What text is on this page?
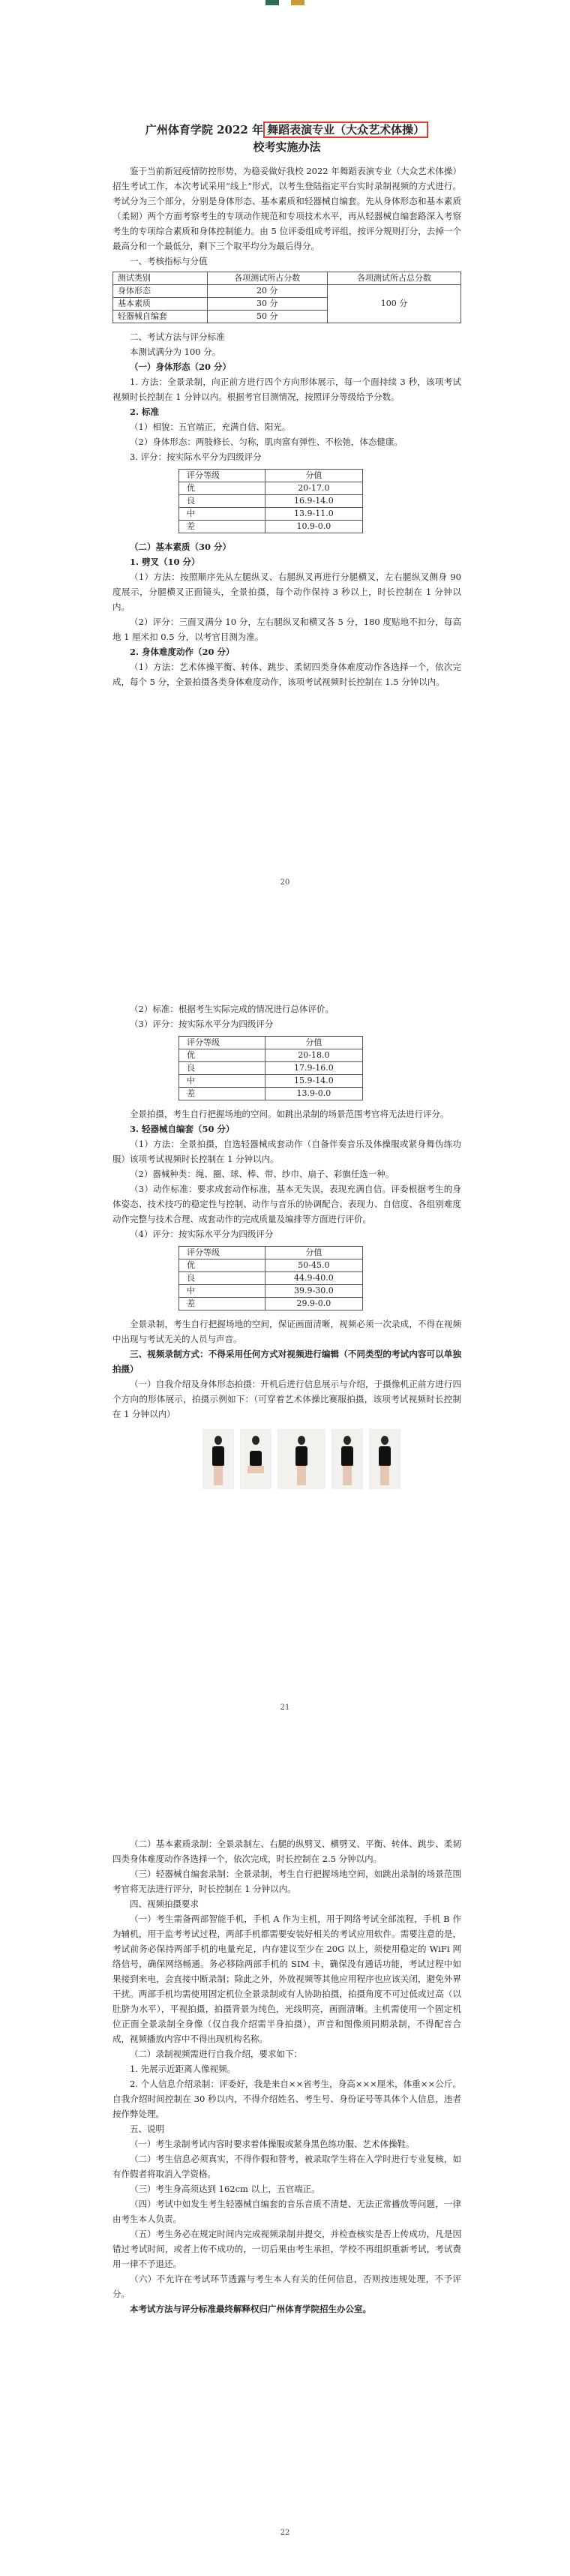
广州体育学院 2022 年 舞蹈表演专业（大众艺术体操）
校考实施办法

鉴于当前新冠疫情防控形势，为稳妥做好我校 2022 年舞蹈表演专业（大众艺术体操）招生考试工作，本次考试采用“线上”形式，以考生登陆指定平台实时录制视频的方式进行。考试分为三个部分，分别是身体形态、基本素质和轻器械自编套。先从身体形态和基本素质（柔韧）两个方面考察考生的专项动作规范和专项技术水平，再从轻器械自编套路深入考察考生的专项综合素质和身体控制能力。由 5 位评委组成考评组，按评分规则打分，去掉一个最高分和一个最低分，剩下三个取平均分为最后得分。

一、考核指标与分值

测试类别	各项测试所占分数	各项测试所占总分数
身体形态	20 分	100 分
基本素质	30 分	
轻器械自编套	50 分	

二、考试方法与评分标准

本测试满分为 100 分。

（一）身体形态（20 分）

1. 方法：全景录制，向正前方进行四个方向形体展示，每一个面持续 3 秒，该项考试视频时长控制在 1 分钟以内。根据考官目测情况，按照评分等级给予分数。

2. 标准

（1）相貌：五官端正，充满自信、阳光。

（2）身体形态：两肢修长、匀称，肌肉富有弹性、不松弛，体态健康。

3. 评分：按实际水平分为四级评分

评分等级	分值
优	20-17.0
良	16.9-14.0
中	13.9-11.0
差	10.9-0.0

（二）基本素质（30 分）

1. 劈叉（10 分）

（1）方法：按照顺序先从左腿纵叉、右腿纵叉再进行分腿横叉，左右腿纵叉侧身 90 度展示，分腿横叉正面镜头，全景拍摄，每个动作保持 3 秒以上，时长控制在 1 分钟以内。

（2）评分：三面叉满分 10 分，左右腿纵叉和横叉各 5 分，180 度贴地不扣分，每高地 1 厘米扣 0.5 分，以考官目测为准。

2. 身体难度动作（20 分）

（1）方法：艺术体操平衡、转体、跳步、柔韧四类身体难度动作各选择一个，依次完成，每个 5 分，全景拍摄各类身体难度动作，该项考试视频时长控制在 1.5 分钟以内。

20

（2）标准：根据考生实际完成的情况进行总体评价。

（3）评分：按实际水平分为四级评分

评分等级	分值
优	20-18.0
良	17.9-16.0
中	15.9-14.0
差	13.9-0.0

全景拍摄，考生自行把握场地的空间。如跳出录制的场景范围考官将无法进行评分。

3. 轻器械自编套（50 分）

（1）方法：全景拍摄，自选轻器械成套动作（自备伴奏音乐及体操服或紧身舞伪练功服）该项考试视频时长控制在 1 分钟以内。

（2）器械种类：绳、圈、球、棒、带、纱巾、扇子、彩旗任选一种。

（3）动作标准：要求成套动作标准，基本无失误，表现充满自信。评委根据考生的身体姿态、技术技巧的稳定性与控制、动作与音乐的协调配合、表现力、自信度、各组别难度动作完整与技术合理、成套动作的完成质量及编排等方面进行评价。

（4）评分：按实际水平分为四级评分

评分等级	分值
优	50-45.0
良	44.9-40.0
中	39.9-30.0
差	29.9-0.0

全景录制，考生自行把握场地的空间，保证画面清晰，视频必须一次录成，不得在视频中出现与考试无关的人员与声音。

三、视频录制方式：不得采用任何方式对视频进行编辑（不同类型的考试内容可以单独拍摄）

（一）自我介绍及身体形态拍摄：开机后进行信息展示与介绍，于摄像机正前方进行四个方向的形体展示，拍摄示例如下：（可穿着艺术体操比赛服拍摄，该项考试视频时长控制在 1 分钟以内）

21

（二）基本素质录制：全景录制左、右腿的纵劈叉、横劈叉、平衡、转体、跳步、柔韧四类身体难度动作各选择一个，依次完成，时长控制在 2.5 分钟以内。

（三）轻器械自编套录制：全景录制，考生自行把握场地空间，如跳出录制的场景范围考官将无法进行评分，时长控制在 1 分钟以内。

四、视频拍摄要求

（一）考生需备两部智能手机，手机 A 作为主机，用于网络考试全部流程，手机 B 作为辅机，用于监考考试过程，两部手机都需要安装好相关的考试应用软件。需要注意的是，考试前务必保持两部手机的电量充足，内存建议至少在 20G 以上，须使用稳定的 WiFi 网络信号，确保网络畅通。务必移除两部手机的 SIM 卡，确保没有通话功能，考试过程中如果接到来电，会直接中断录制；除此之外，外放视频等其他应用程序也应该关闭，避免外界干扰。两部手机均需使用固定机位全景录制或有人协助拍摄，拍摄角度不可过低或过高（以肚脐为水平），平视拍摄，拍摄背景为纯色，光线明亮，画面清晰。主机需使用一个固定机位正面全景录制全身像（仅自我介绍需半身拍摄），声音和图像须同期录制，不得配音合成，视频播放内容中不得出现机构名称。

（二）录制视频需进行自我介绍，要求如下：

1. 先展示近距离人像视频。

2. 个人信息介绍录制：评委好，我是来自××省考生，身高×××厘米，体重××公斤。自我介绍时间控制在 30 秒以内，不得介绍姓名、考生号、身份证号等具体个人信息，违者按作弊处理。

五、说明

（一）考生录制考试内容时要求着体操服或紧身黑色练功服、艺术体操鞋。

（二）考生信息必须真实，不得作假和替考，被录取学生将在入学时进行专业复核，如有作假者将取消入学资格。

（三）考生身高须达到 162cm 以上，五官端正。

（四）考试中如发生考生轻器械自编套的音乐音质不清楚、无法正常播放等问题，一律由考生本人负责。

（五）考生务必在规定时间内完成视频录制并提交，并检查核实是否上传成功，凡是因错过考试时间，或者上传不成功的，一切后果由考生承担，学校不再组织重新考试，考试费用一律不予退还。

（六）不允许在考试环节透露与考生本人有关的任何信息，否则按违规处理，不予评分。

本考试方法与评分标准最终解释权归广州体育学院招生办公室。

22
